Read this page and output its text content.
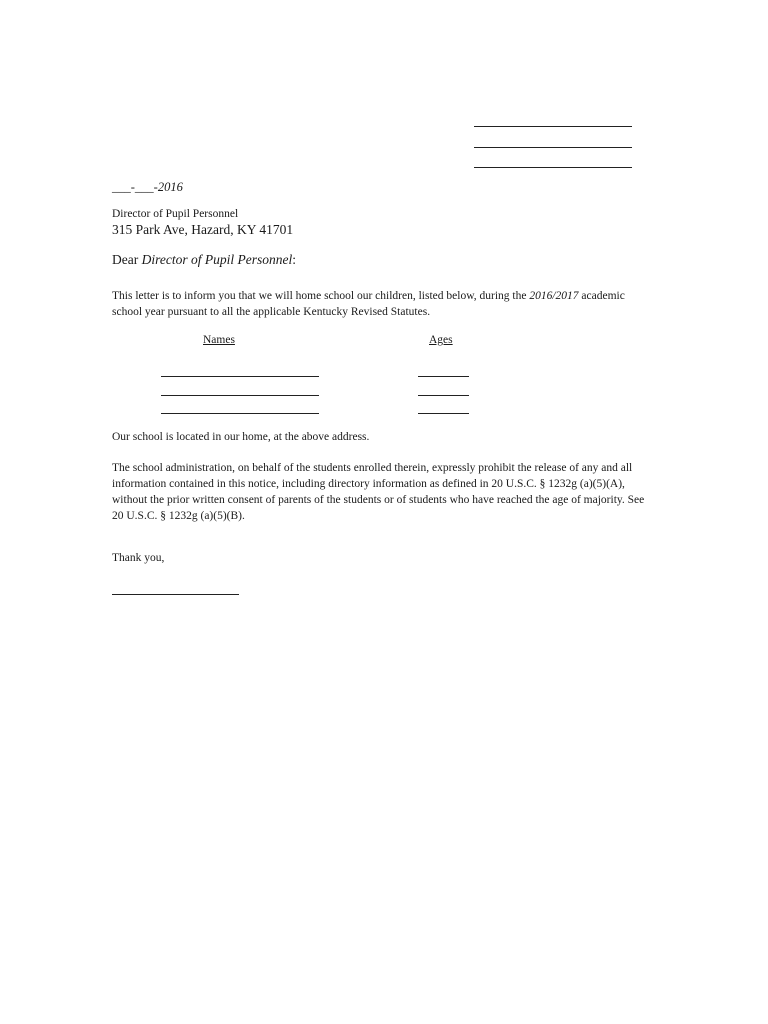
___-___-2016
Director of Pupil Personnel
315 Park Ave, Hazard, KY 41701
Dear Director of Pupil Personnel:
This letter is to inform you that we will home school our children, listed below, during the 2016/2017 academic school year pursuant to all the applicable Kentucky Revised Statutes.
Names	Ages
Our school is located in our home, at the above address.
The school administration, on behalf of the students enrolled therein, expressly prohibit the release of any and all information contained in this notice, including directory information as defined in 20 U.S.C. § 1232g (a)(5)(A), without the prior written consent of parents of the students or of students who have reached the age of majority. See 20 U.S.C. § 1232g (a)(5)(B).
Thank you,
